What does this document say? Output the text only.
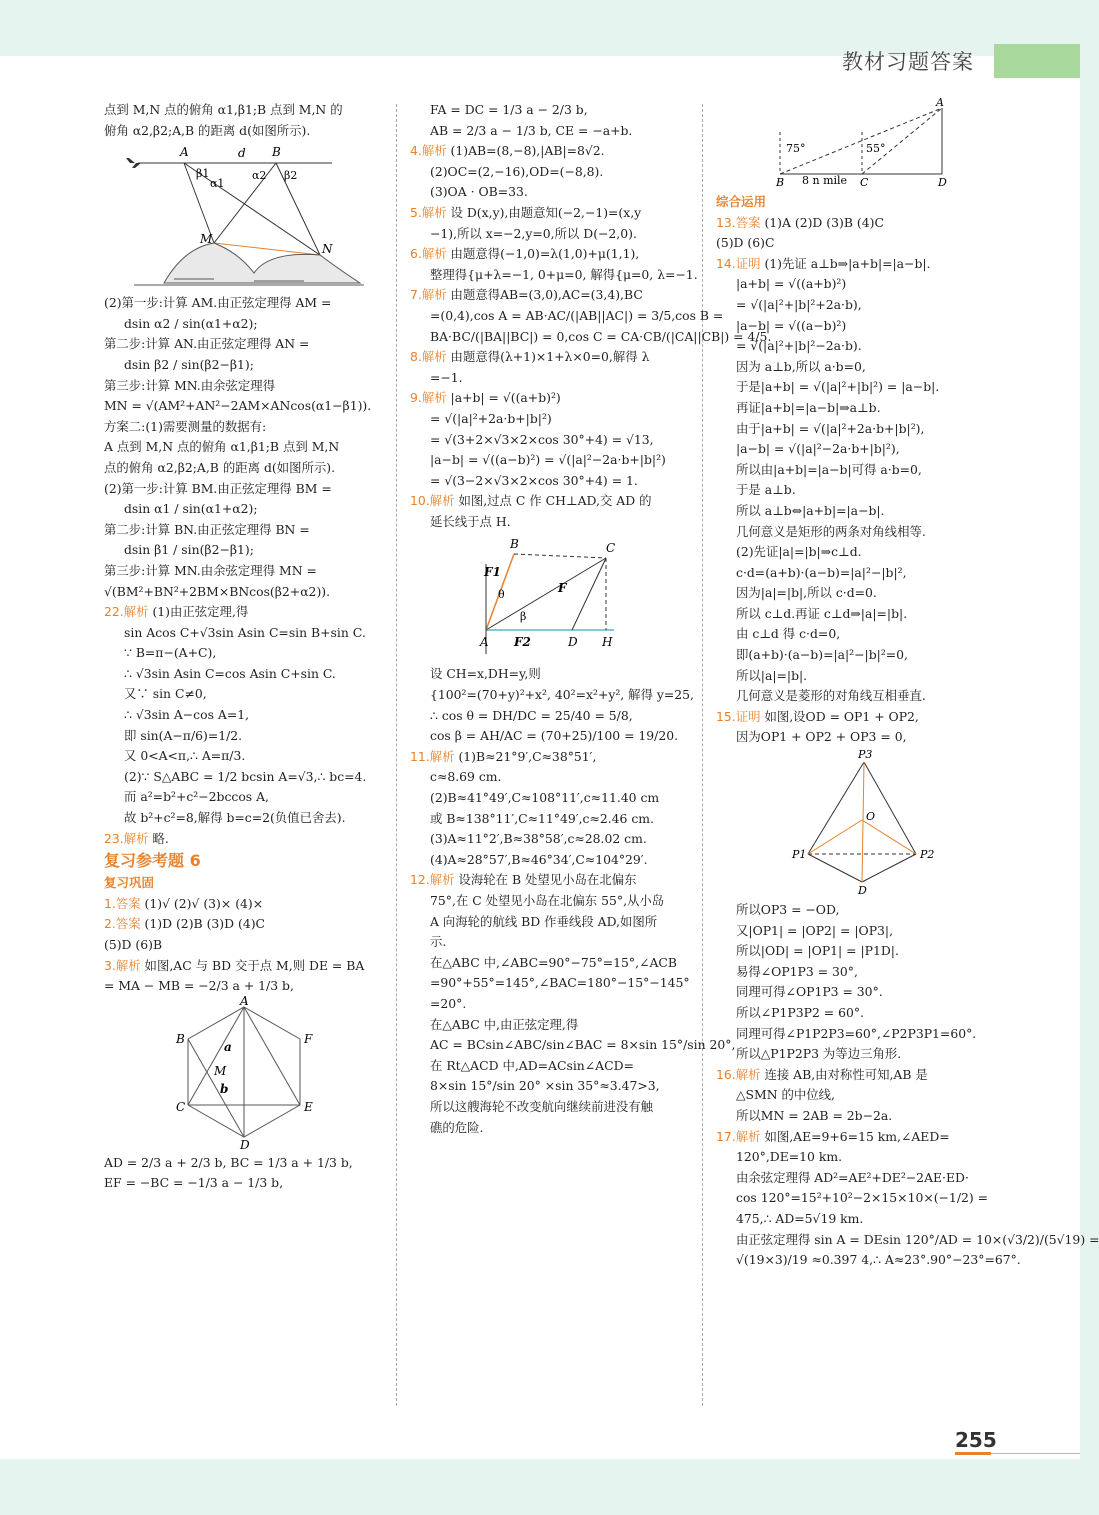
教材习题答案
点到 M,N 点的俯角 α1,β1;B 点到 M,N 的
俯角 α2,β2;A,B 的距离 d(如图所示).
A	d B
β1
α1
α2 β2
M
N
(2)第一步:计算 AM.由正弦定理得 AM =
dsin α2 / sin(α1+α2);
第二步:计算 AN.由正弦定理得 AN =
dsin β2 / sin(β2−β1);
第三步:计算 MN.由余弦定理得
MN = √(AM²+AN²−2AM×ANcos(α1−β1)).
方案二:(1)需要测量的数据有:
A 点到 M,N 点的俯角 α1,β1;B 点到 M,N
点的俯角 α2,β2;A,B 的距离 d(如图所示).
(2)第一步:计算 BM.由正弦定理得 BM =
dsin α1 / sin(α1+α2);
第二步:计算 BN.由正弦定理得 BN =
dsin β1 / sin(β2−β1);
第三步:计算 MN.由余弦定理得 MN =
√(BM²+BN²+2BM×BNcos(β2+α2)).
22.解析 (1)由正弦定理,得
sin Acos C+√3sin Asin C=sin B+sin C.
∵ B=π−(A+C),
∴ √3sin Asin C=cos Asin C+sin C.
又∵ sin C≠0,
∴ √3sin A−cos A=1,
即 sin(A−π/6)=1/2.
又 0<A<π,∴ A=π/3.
(2)∵ S△ABC = 1/2 bcsin A=√3,∴ bc=4.
而 a²=b²+c²−2bccos A,
故 b²+c²=8,解得 b=c=2(负值已舍去).
23.解析 略.
复习参考题 6
复习巩固
1.答案 (1)√ (2)√ (3)× (4)×
2.答案 (1)D (2)B (3)D (4)C
(5)D (6)B
3.解析 如图,AC 与 BD 交于点 M,则 DE = BA
= MA − MB = −2/3 a + 1/3 b,
A
B	F
C	E
D
M
a
b
AD = 2/3 a + 2/3 b, BC = 1/3 a + 1/3 b,
EF = −BC = −1/3 a − 1/3 b,
FA = DC = 1/3 a − 2/3 b,
AB = 2/3 a − 1/3 b, CE = −a+b.
4.解析 (1)AB=(8,−8),|AB|=8√2.
(2)OC=(2,−16),OD=(−8,8).
(3)OA · OB=33.
5.解析 设 D(x,y),由题意知(−2,−1)=(x,y
−1),所以 x=−2,y=0,所以 D(−2,0).
6.解析 由题意得(−1,0)=λ(1,0)+μ(1,1),
整理得{μ+λ=−1, 0+μ=0, 解得{μ=0, λ=−1.
7.解析 由题意得AB=(3,0),AC=(3,4),BC
=(0,4),cos A = AB·AC/(|AB||AC|) = 3/5,cos B =
BA·BC/(|BA||BC|) = 0,cos C = CA·CB/(|CA||CB|) = 4/5.
8.解析 由题意得(λ+1)×1+λ×0=0,解得 λ
=−1.
9.解析 |a+b| = √((a+b)²)
= √(|a|²+2a·b+|b|²)
= √(3+2×√3×2×cos 30°+4) = √13,
|a−b| = √((a−b)²) = √(|a|²−2a·b+|b|²)
= √(3−2×√3×2×cos 30°+4) = 1.
10.解析 如图,过点 C 作 CH⊥AD,交 AD 的
延长线于点 H.
B	C
F1
F
θ
β
A F2	D H
设 CH=x,DH=y,则
{100²=(70+y)²+x², 40²=x²+y², 解得 y=25,
∴ cos θ = DH/DC = 25/40 = 5/8,
cos β = AH/AC = (70+25)/100 = 19/20.
11.解析 (1)B≈21°9′,C≈38°51′,
c≈8.69 cm.
(2)B≈41°49′,C≈108°11′,c≈11.40 cm
或 B≈138°11′,C≈11°49′,c≈2.46 cm.
(3)A≈11°2′,B≈38°58′,c≈28.02 cm.
(4)A≈28°57′,B≈46°34′,C≈104°29′.
12.解析 设海轮在 B 处望见小岛在北偏东
75°,在 C 处望见小岛在北偏东 55°,从小岛
A 向海轮的航线 BD 作垂线段 AD,如图所
示.
在△ABC 中,∠ABC=90°−75°=15°,∠ACB
=90°+55°=145°,∠BAC=180°−15°−145°
=20°.
在△ABC 中,由正弦定理,得
AC = BCsin∠ABC/sin∠BAC = 8×sin 15°/sin 20°,
在 Rt△ACD 中,AD=ACsin∠ACD=
8×sin 15°/sin 20° ×sin 35°≈3.47>3,
所以这艘海轮不改变航向继续前进没有触
礁的危险.
A
B	C	D
75°	55°
8 n mile
综合运用
13.答案 (1)A (2)D (3)B (4)C
(5)D (6)C
14.证明 (1)先证 a⊥b⇒|a+b|=|a−b|.
|a+b| = √((a+b)²)
= √(|a|²+|b|²+2a·b),
|a−b| = √((a−b)²)
= √(|a|²+|b|²−2a·b).
因为 a⊥b,所以 a·b=0,
于是|a+b| = √(|a|²+|b|²) = |a−b|.
再证|a+b|=|a−b|⇒a⊥b.
由于|a+b| = √(|a|²+2a·b+|b|²),
|a−b| = √(|a|²−2a·b+|b|²),
所以由|a+b|=|a−b|可得 a·b=0,
于是 a⊥b.
所以 a⊥b⇔|a+b|=|a−b|.
几何意义是矩形的两条对角线相等.
(2)先证|a|=|b|⇒c⊥d.
c·d=(a+b)·(a−b)=|a|²−|b|²,
因为|a|=|b|,所以 c·d=0.
所以 c⊥d.再证 c⊥d⇒|a|=|b|.
由 c⊥d 得 c·d=0,
即(a+b)·(a−b)=|a|²−|b|²=0,
所以|a|=|b|.
几何意义是菱形的对角线互相垂直.
15.证明 如图,设OD = OP1 + OP2,
因为OP1 + OP2 + OP3 = 0,
P3
O
P1	P2
D
所以OP3 = −OD,
又|OP1| = |OP2| = |OP3|,
所以|OD| = |OP1| = |P1D|.
易得∠OP1P3 = 30°,
同理可得∠OP1P3 = 30°.
所以∠P1P3P2 = 60°.
同理可得∠P1P2P3=60°,∠P2P3P1=60°.
所以△P1P2P3 为等边三角形.
16.解析 连接 AB,由对称性可知,AB 是
△SMN 的中位线,
所以MN = 2AB = 2b−2a.
17.解析 如图,AE=9+6=15 km,∠AED=
120°,DE=10 km.
由余弦定理得 AD²=AE²+DE²−2AE·ED·
cos 120°=15²+10²−2×15×10×(−1/2) =
475,∴ AD=5√19 km.
由正弦定理得 sin A = DEsin 120°/AD = 10×(√3/2)/(5√19) =
√(19×3)/19 ≈0.397 4,∴ A≈23°.90°−23°=67°.
255
